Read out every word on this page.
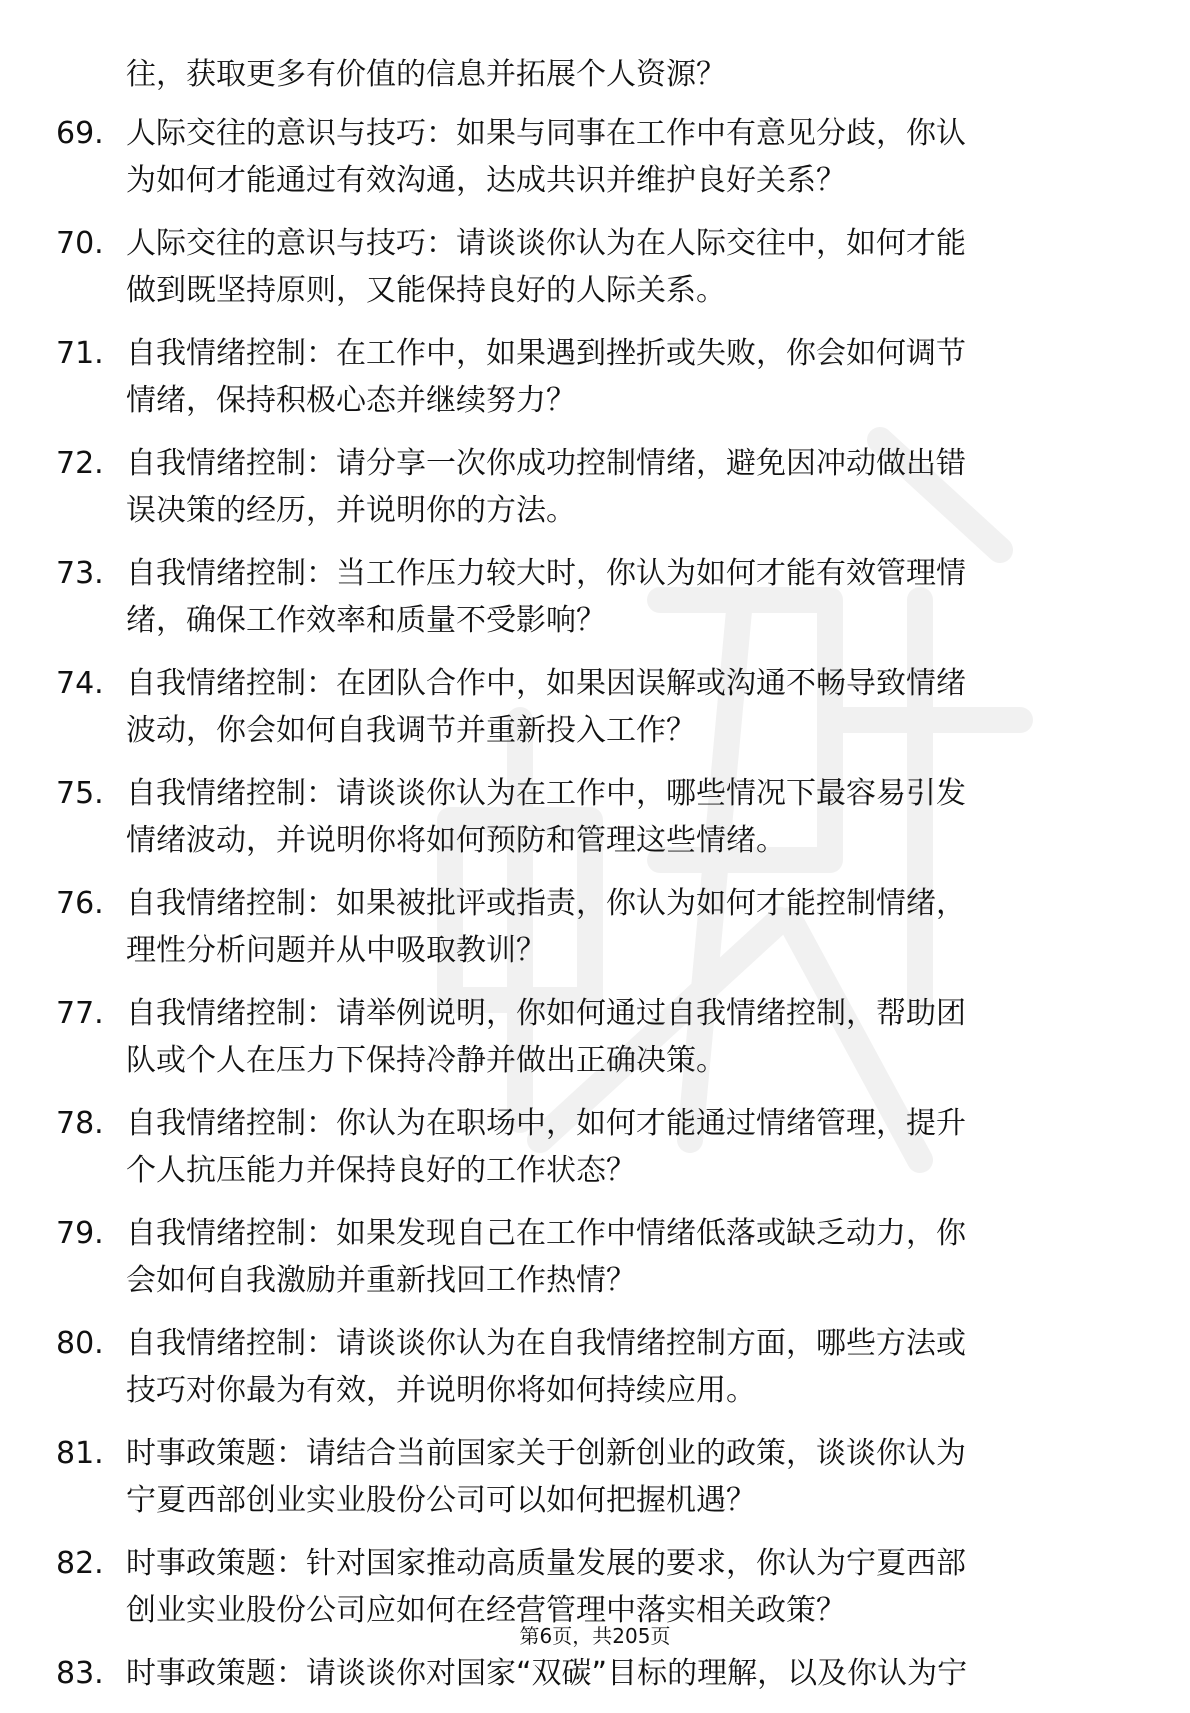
往，获取更多有价值的信息并拓展个人资源？
69. 人际交往的意识与技巧：如果与同事在工作中有意见分歧，你认
为如何才能通过有效沟通，达成共识并维护良好关系？
70. 人际交往的意识与技巧：请谈谈你认为在人际交往中，如何才能
做到既坚持原则，又能保持良好的人际关系。
71. 自我情绪控制：在工作中，如果遇到挫折或失败，你会如何调节
情绪，保持积极心态并继续努力？
72. 自我情绪控制：请分享一次你成功控制情绪，避免因冲动做出错
误决策的经历，并说明你的方法。
73. 自我情绪控制：当工作压力较大时，你认为如何才能有效管理情
绪，确保工作效率和质量不受影响？
74. 自我情绪控制：在团队合作中，如果因误解或沟通不畅导致情绪
波动，你会如何自我调节并重新投入工作？
75. 自我情绪控制：请谈谈你认为在工作中，哪些情况下最容易引发
情绪波动，并说明你将如何预防和管理这些情绪。
76. 自我情绪控制：如果被批评或指责，你认为如何才能控制情绪，
理性分析问题并从中吸取教训？
77. 自我情绪控制：请举例说明，你如何通过自我情绪控制，帮助团
队或个人在压力下保持冷静并做出正确决策。
78. 自我情绪控制：你认为在职场中，如何才能通过情绪管理，提升
个人抗压能力并保持良好的工作状态？
79. 自我情绪控制：如果发现自己在工作中情绪低落或缺乏动力，你
会如何自我激励并重新找回工作热情？
80. 自我情绪控制：请谈谈你认为在自我情绪控制方面，哪些方法或
技巧对你最为有效，并说明你将如何持续应用。
81. 时事政策题：请结合当前国家关于创新创业的政策，谈谈你认为
宁夏西部创业实业股份公司可以如何把握机遇？
82. 时事政策题：针对国家推动高质量发展的要求，你认为宁夏西部
创业实业股份公司应如何在经营管理中落实相关政策？
83. 时事政策题：请谈谈你对国家“双碳”目标的理解，以及你认为宁
第6页，共205页
